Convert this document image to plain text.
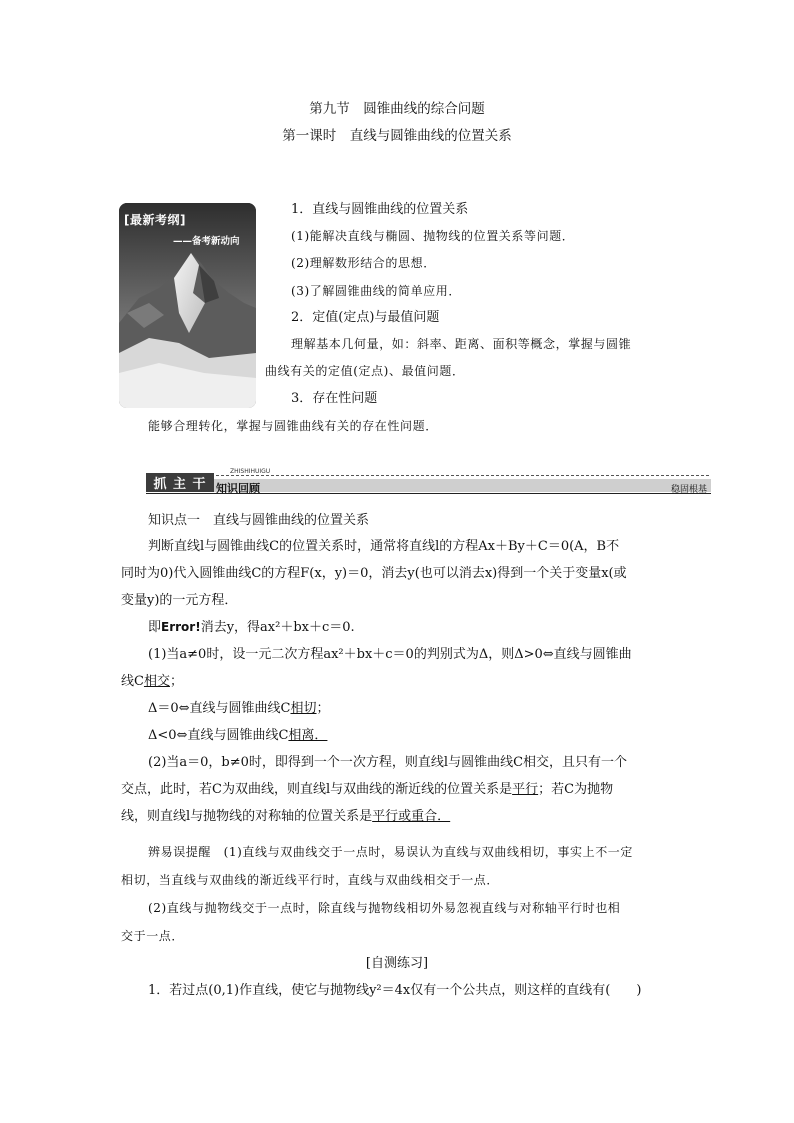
第九节　圆锥曲线的综合问题
第一课时　直线与圆锥曲线的位置关系
[最新考纲]
——备考新动向
1．直线与圆锥曲线的位置关系
(1)能解决直线与椭圆、抛物线的位置关系等问题．
(2)理解数形结合的思想．
(3)了解圆锥曲线的简单应用．
2．定值(定点)与最值问题
理解基本几何量，如：斜率、距离、面积等概念，掌握与圆锥
曲线有关的定值(定点)、最值问题．
3．存在性问题
能够合理转化，掌握与圆锥曲线有关的存在性问题．
ZHISHIHUIGU
抓 主 干 知识回顾	稳固根基
知识点一　直线与圆锥曲线的位置关系
判断直线l与圆锥曲线C的位置关系时，通常将直线l的方程Ax＋By＋C＝0(A，B不
同时为0)代入圆锥曲线C的方程F(x，y)＝0，消去y(也可以消去x)得到一个关于变量x(或
变量y)的一元方程．
即Error!消去y，得ax²＋bx＋c＝0.
(1)当a≠0时，设一元二次方程ax²＋bx＋c＝0的判别式为Δ，则Δ>0⇔直线与圆锥曲
线C相交；
Δ＝0⇔直线与圆锥曲线C相切；
Δ<0⇔直线与圆锥曲线C相离．
(2)当a＝0，b≠0时，即得到一个一次方程，则直线l与圆锥曲线C相交，且只有一个
交点，此时，若C为双曲线，则直线l与双曲线的渐近线的位置关系是平行；若C为抛物
线，则直线l与抛物线的对称轴的位置关系是平行或重合．
辨易误提醒　(1)直线与双曲线交于一点时，易误认为直线与双曲线相切，事实上不一定
相切，当直线与双曲线的渐近线平行时，直线与双曲线相交于一点．
(2)直线与抛物线交于一点时，除直线与抛物线相切外易忽视直线与对称轴平行时也相
交于一点．
[自测练习]
1．若过点(0,1)作直线，使它与抛物线y²＝4x仅有一个公共点，则这样的直线有(　　)
